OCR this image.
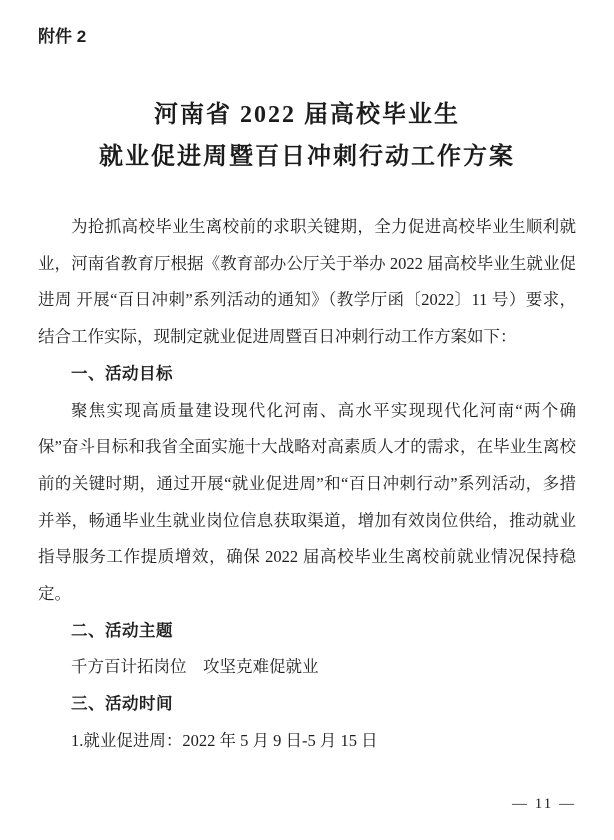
附件 2
河南省 2022 届高校毕业生
就业促进周暨百日冲刺行动工作方案

为抢抓高校毕业生离校前的求职关键期，全力促进高校毕业生顺利就业，河南省教育厅根据《教育部办公厅关于举办 2022 届高校毕业生就业促进周 开展“百日冲刺”系列活动的通知》（教学厅函〔2022〕11 号）要求，结合工作实际，现制定就业促进周暨百日冲刺行动工作方案如下：

一、活动目标

聚焦实现高质量建设现代化河南、高水平实现现代化河南“两个确保”奋斗目标和我省全面实施十大战略对高素质人才的需求，在毕业生离校前的关键时期，通过开展“就业促进周”和“百日冲刺行动”系列活动，多措并举，畅通毕业生就业岗位信息获取渠道，增加有效岗位供给，推动就业指导服务工作提质增效，确保 2022 届高校毕业生离校前就业情况保持稳定。

二、活动主题

千方百计拓岗位　攻坚克难促就业

三、活动时间

1.就业促进周：2022 年 5 月 9 日-5 月 15 日

— 11 —
